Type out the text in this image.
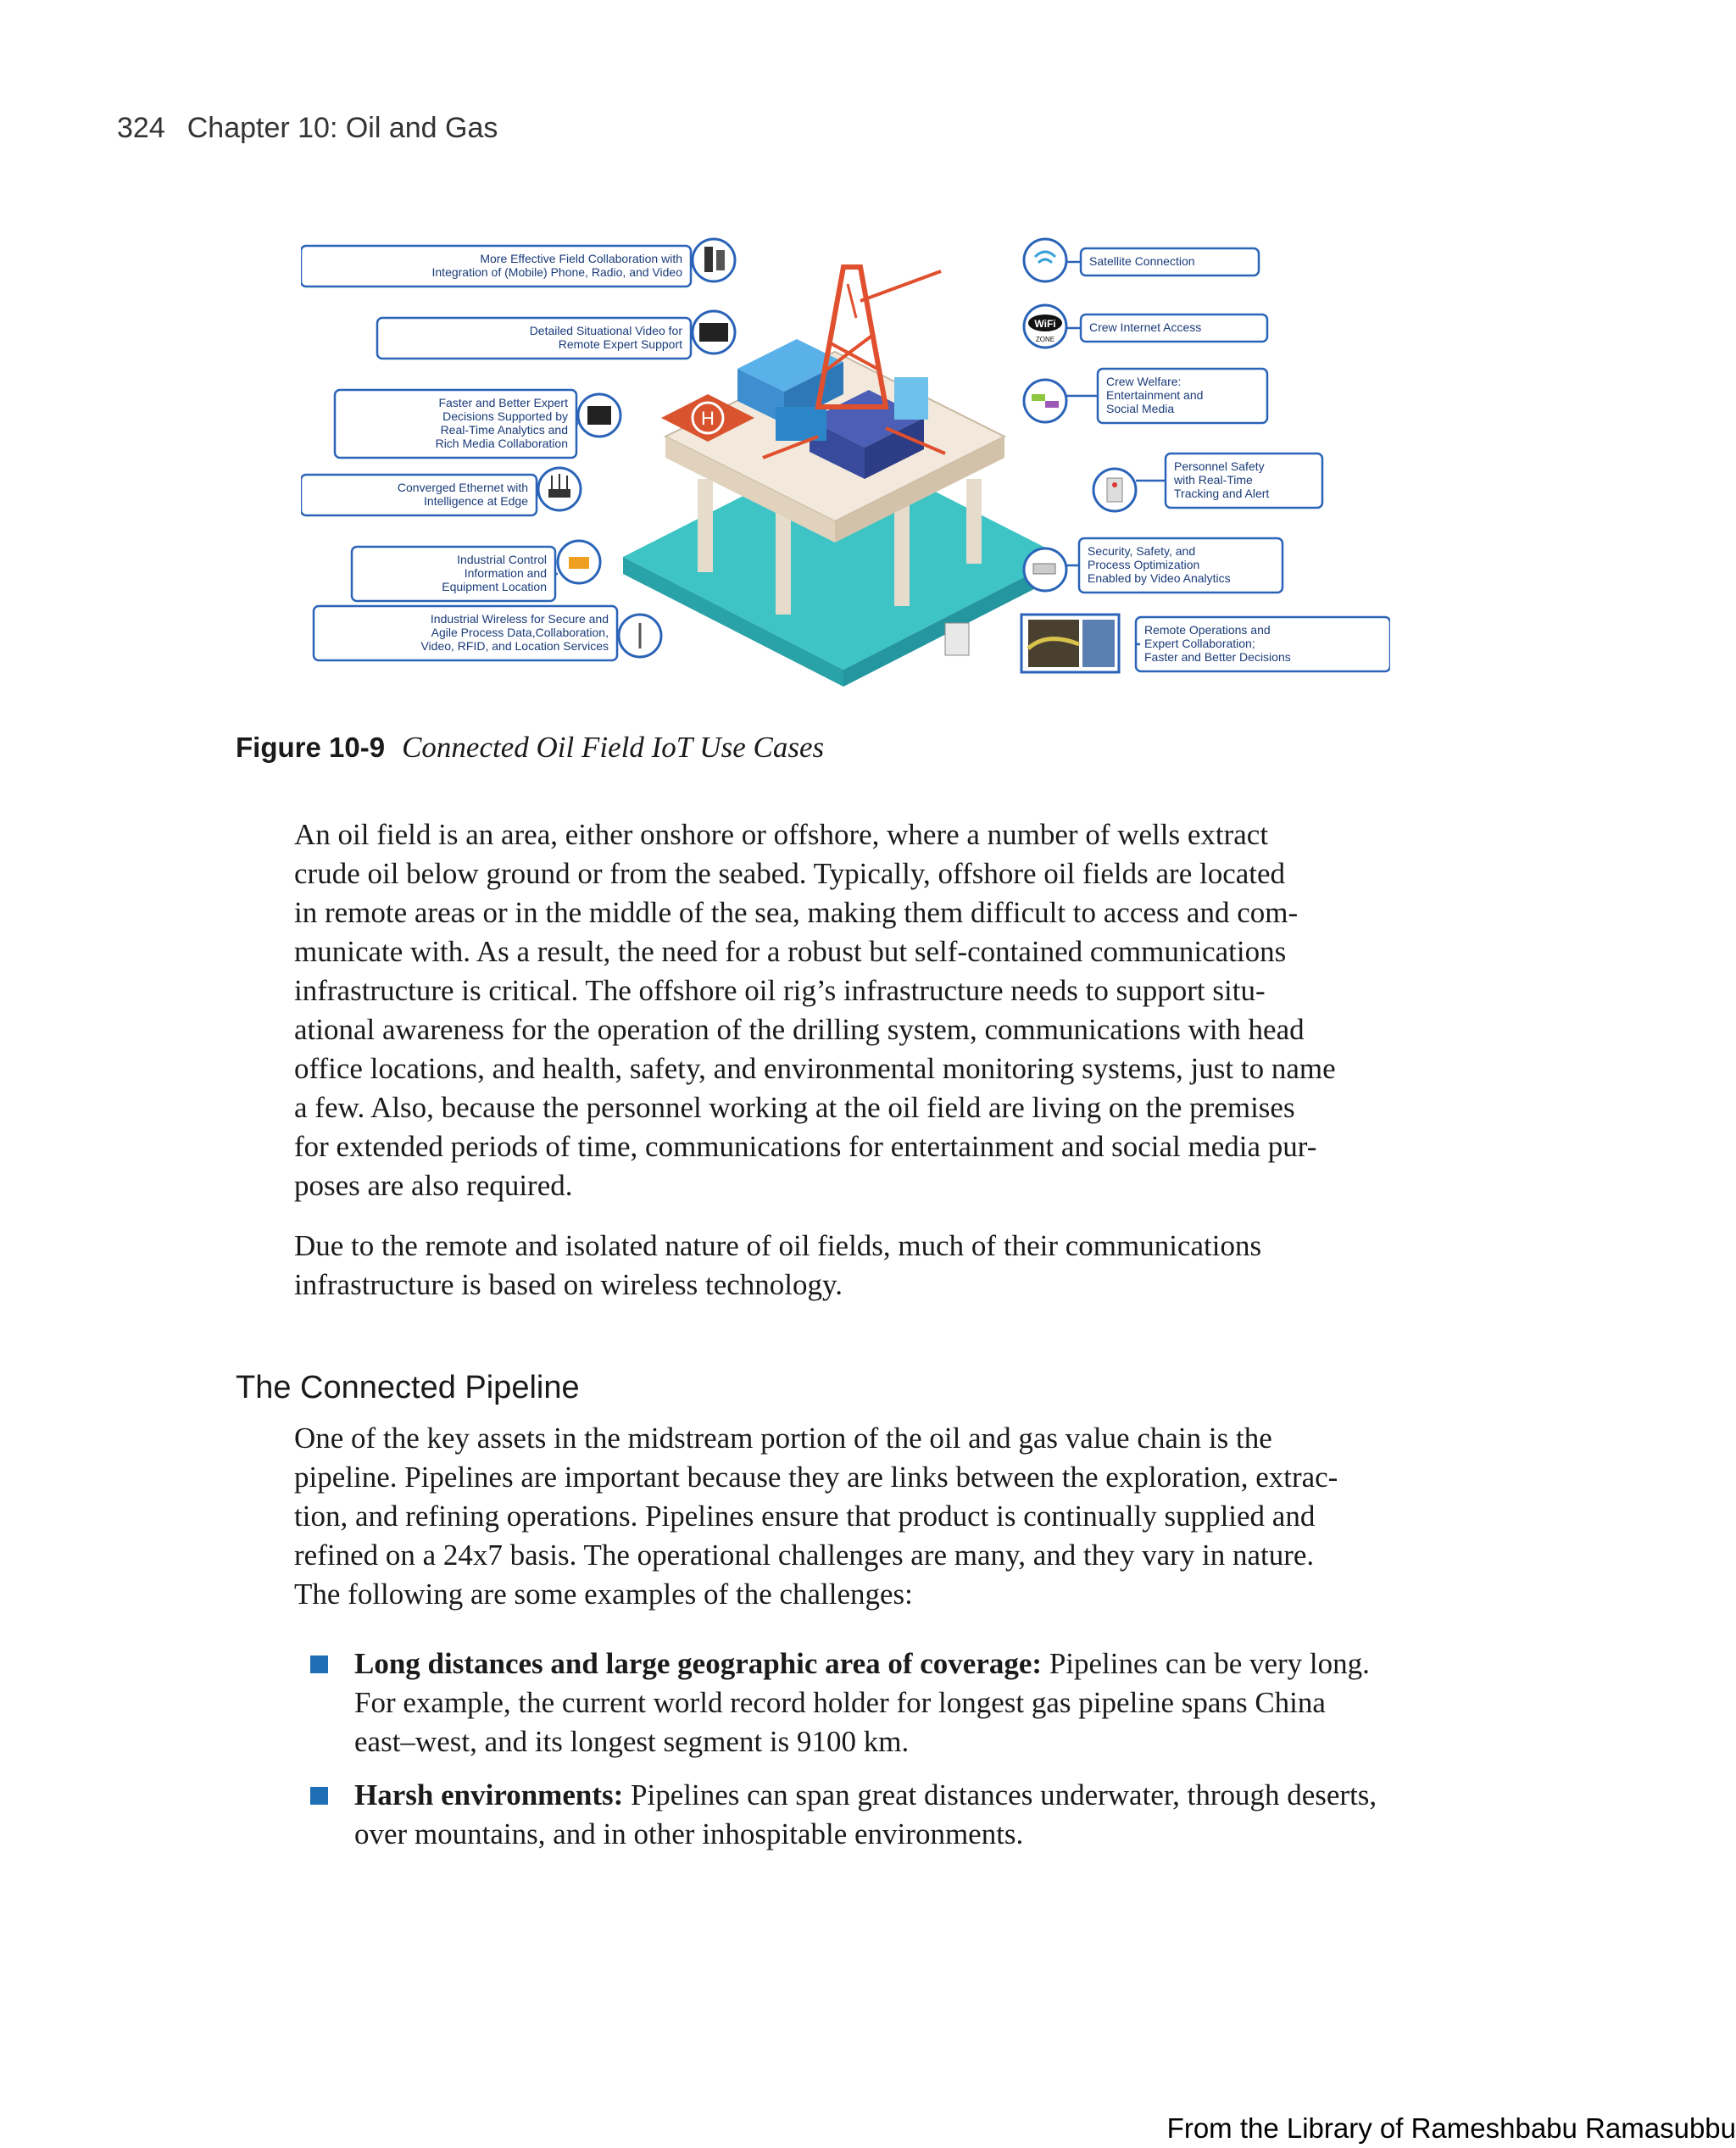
324 Chapter 10: Oil and Gas
H
More Effective Field Collaboration with
Integration of (Mobile) Phone, Radio, and Video
Detailed Situational Video for
Remote Expert Support
Faster and Better Expert
Decisions Supported by
Real-Time Analytics and
Rich Media Collaboration
Converged Ethernet with
Intelligence at Edge
Industrial Control
Information and
Equipment Location
Industrial Wireless for Secure and
Agile Process Data,Collaboration,
Video, RFID, and Location Services
Satellite Connection
Crew Internet Access
Crew Welfare:
Entertainment and
Social Media
Personnel Safety
with Real-Time
Tracking and Alert
Security, Safety, and
Process Optimization
Enabled by Video Analytics
Remote Operations and
Expert Collaboration;
Faster and Better Decisions
WiFi
ZONE
Figure 10-9 Connected Oil Field IoT Use Cases

An oil field is an area, either onshore or offshore, where a number of wells extract
crude oil below ground or from the seabed. Typically, offshore oil fields are located
in remote areas or in the middle of the sea, making them difficult to access and com-
municate with. As a result, the need for a robust but self-contained communications
infrastructure is critical. The offshore oil rig’s infrastructure needs to support situ-
ational awareness for the operation of the drilling system, communications with head
office locations, and health, safety, and environmental monitoring systems, just to name
a few. Also, because the personnel working at the oil field are living on the premises
for extended periods of time, communications for entertainment and social media pur-
poses are also required.

Due to the remote and isolated nature of oil fields, much of their communications
infrastructure is based on wireless technology.

The Connected Pipeline

One of the key assets in the midstream portion of the oil and gas value chain is the
pipeline. Pipelines are important because they are links between the exploration, extrac-
tion, and refining operations. Pipelines ensure that product is continually supplied and
refined on a 24x7 basis. The operational challenges are many, and they vary in nature.
The following are some examples of the challenges:

Long distances and large geographic area of coverage: Pipelines can be very long.
For example, the current world record holder for longest gas pipeline spans China
east–west, and its longest segment is 9100 km.
Harsh environments: Pipelines can span great distances underwater, through deserts,
over mountains, and in other inhospitable environments.
From the Library of Rameshbabu Ramasubbu
